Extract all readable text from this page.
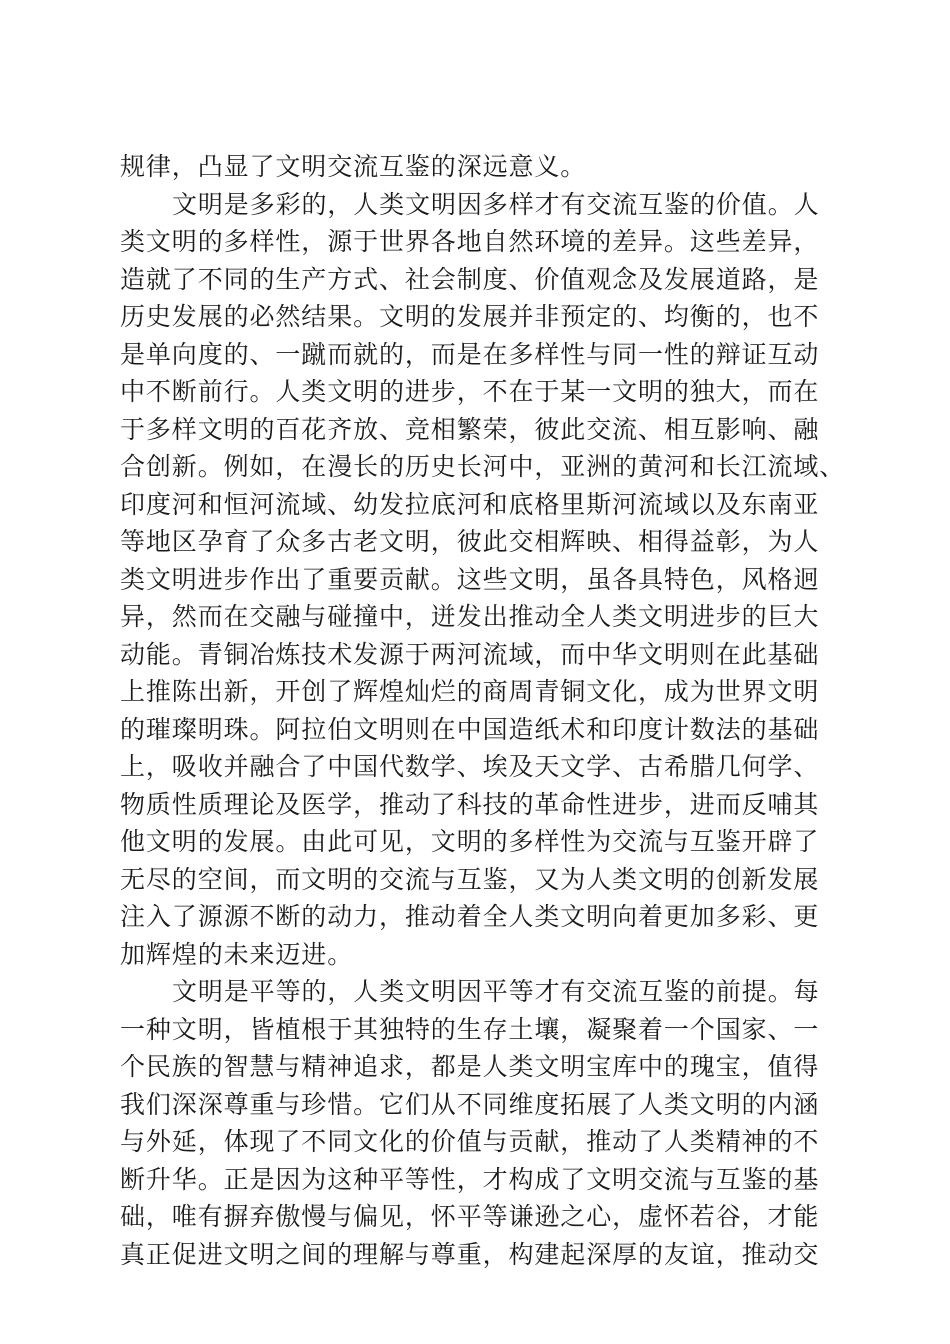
规律，凸显了文明交流互鉴的深远意义。
文明是多彩的，人类文明因多样才有交流互鉴的价值。人
类文明的多样性，源于世界各地自然环境的差异。这些差异，
造就了不同的生产方式、社会制度、价值观念及发展道路，是
历史发展的必然结果。文明的发展并非预定的、均衡的，也不
是单向度的、一蹴而就的，而是在多样性与同一性的辩证互动
中不断前行。人类文明的进步，不在于某一文明的独大，而在
于多样文明的百花齐放、竞相繁荣，彼此交流、相互影响、融
合创新。例如，在漫长的历史长河中，亚洲的黄河和长江流域、
印度河和恒河流域、幼发拉底河和底格里斯河流域以及东南亚
等地区孕育了众多古老文明，彼此交相辉映、相得益彰，为人
类文明进步作出了重要贡献。这些文明，虽各具特色，风格迥
异，然而在交融与碰撞中，迸发出推动全人类文明进步的巨大
动能。青铜冶炼技术发源于两河流域，而中华文明则在此基础
上推陈出新，开创了辉煌灿烂的商周青铜文化，成为世界文明
的璀璨明珠。阿拉伯文明则在中国造纸术和印度计数法的基础
上，吸收并融合了中国代数学、埃及天文学、古希腊几何学、
物质性质理论及医学，推动了科技的革命性进步，进而反哺其
他文明的发展。由此可见，文明的多样性为交流与互鉴开辟了
无尽的空间，而文明的交流与互鉴，又为人类文明的创新发展
注入了源源不断的动力，推动着全人类文明向着更加多彩、更
加辉煌的未来迈进。
文明是平等的，人类文明因平等才有交流互鉴的前提。每
一种文明，皆植根于其独特的生存土壤，凝聚着一个国家、一
个民族的智慧与精神追求，都是人类文明宝库中的瑰宝，值得
我们深深尊重与珍惜。它们从不同维度拓展了人类文明的内涵
与外延，体现了不同文化的价值与贡献，推动了人类精神的不
断升华。正是因为这种平等性，才构成了文明交流与互鉴的基
础，唯有摒弃傲慢与偏见，怀平等谦逊之心，虚怀若谷，才能
真正促进文明之间的理解与尊重，构建起深厚的友谊，推动交
